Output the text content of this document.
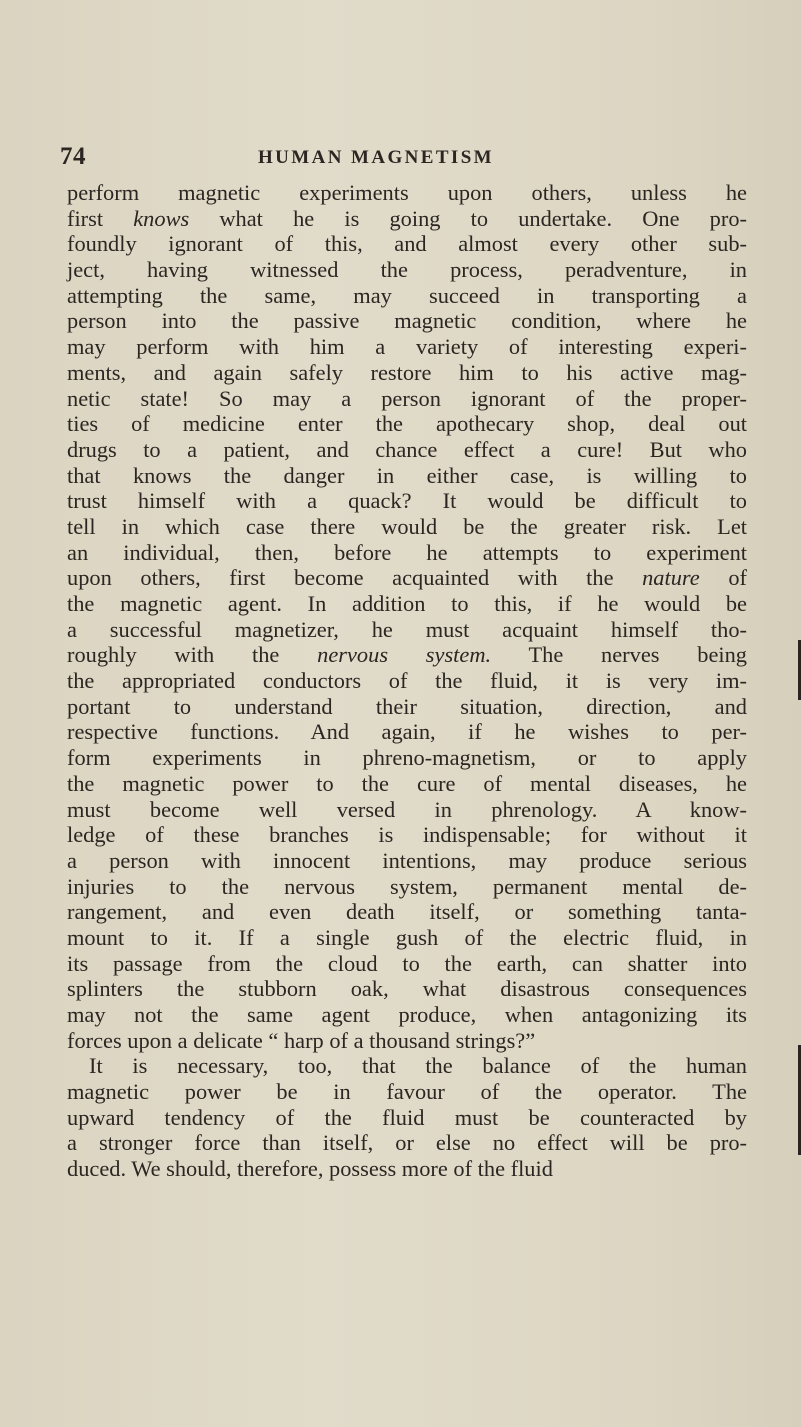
74	HUMAN MAGNETISM
perform magnetic experiments upon others, unless he
first knows what he is going to undertake. One pro-
foundly ignorant of this, and almost every other sub-
ject, having witnessed the process, peradventure, in
attempting the same, may succeed in transporting a
person into the passive magnetic condition, where he
may perform with him a variety of interesting experi-
ments, and again safely restore him to his active mag-
netic state! So may a person ignorant of the proper-
ties of medicine enter the apothecary shop, deal out
drugs to a patient, and chance effect a cure! But who
that knows the danger in either case, is willing to
trust himself with a quack? It would be difficult to
tell in which case there would be the greater risk. Let
an individual, then, before he attempts to experiment
upon others, first become acquainted with the nature of
the magnetic agent. In addition to this, if he would be
a successful magnetizer, he must acquaint himself tho-
roughly with the nervous system. The nerves being
the appropriated conductors of the fluid, it is very im-
portant to understand their situation, direction, and
respective functions. And again, if he wishes to per-
form experiments in phreno-magnetism, or to apply
the magnetic power to the cure of mental diseases, he
must become well versed in phrenology. A know-
ledge of these branches is indispensable; for without it
a person with innocent intentions, may produce serious
injuries to the nervous system, permanent mental de-
rangement, and even death itself, or something tanta-
mount to it. If a single gush of the electric fluid, in
its passage from the cloud to the earth, can shatter into
splinters the stubborn oak, what disastrous consequences
may not the same agent produce, when antagonizing its
forces upon a delicate “ harp of a thousand strings?”
It is necessary, too, that the balance of the human
magnetic power be in favour of the operator. The
upward tendency of the fluid must be counteracted by
a stronger force than itself, or else no effect will be pro-
duced. We should, therefore, possess more of the fluid
